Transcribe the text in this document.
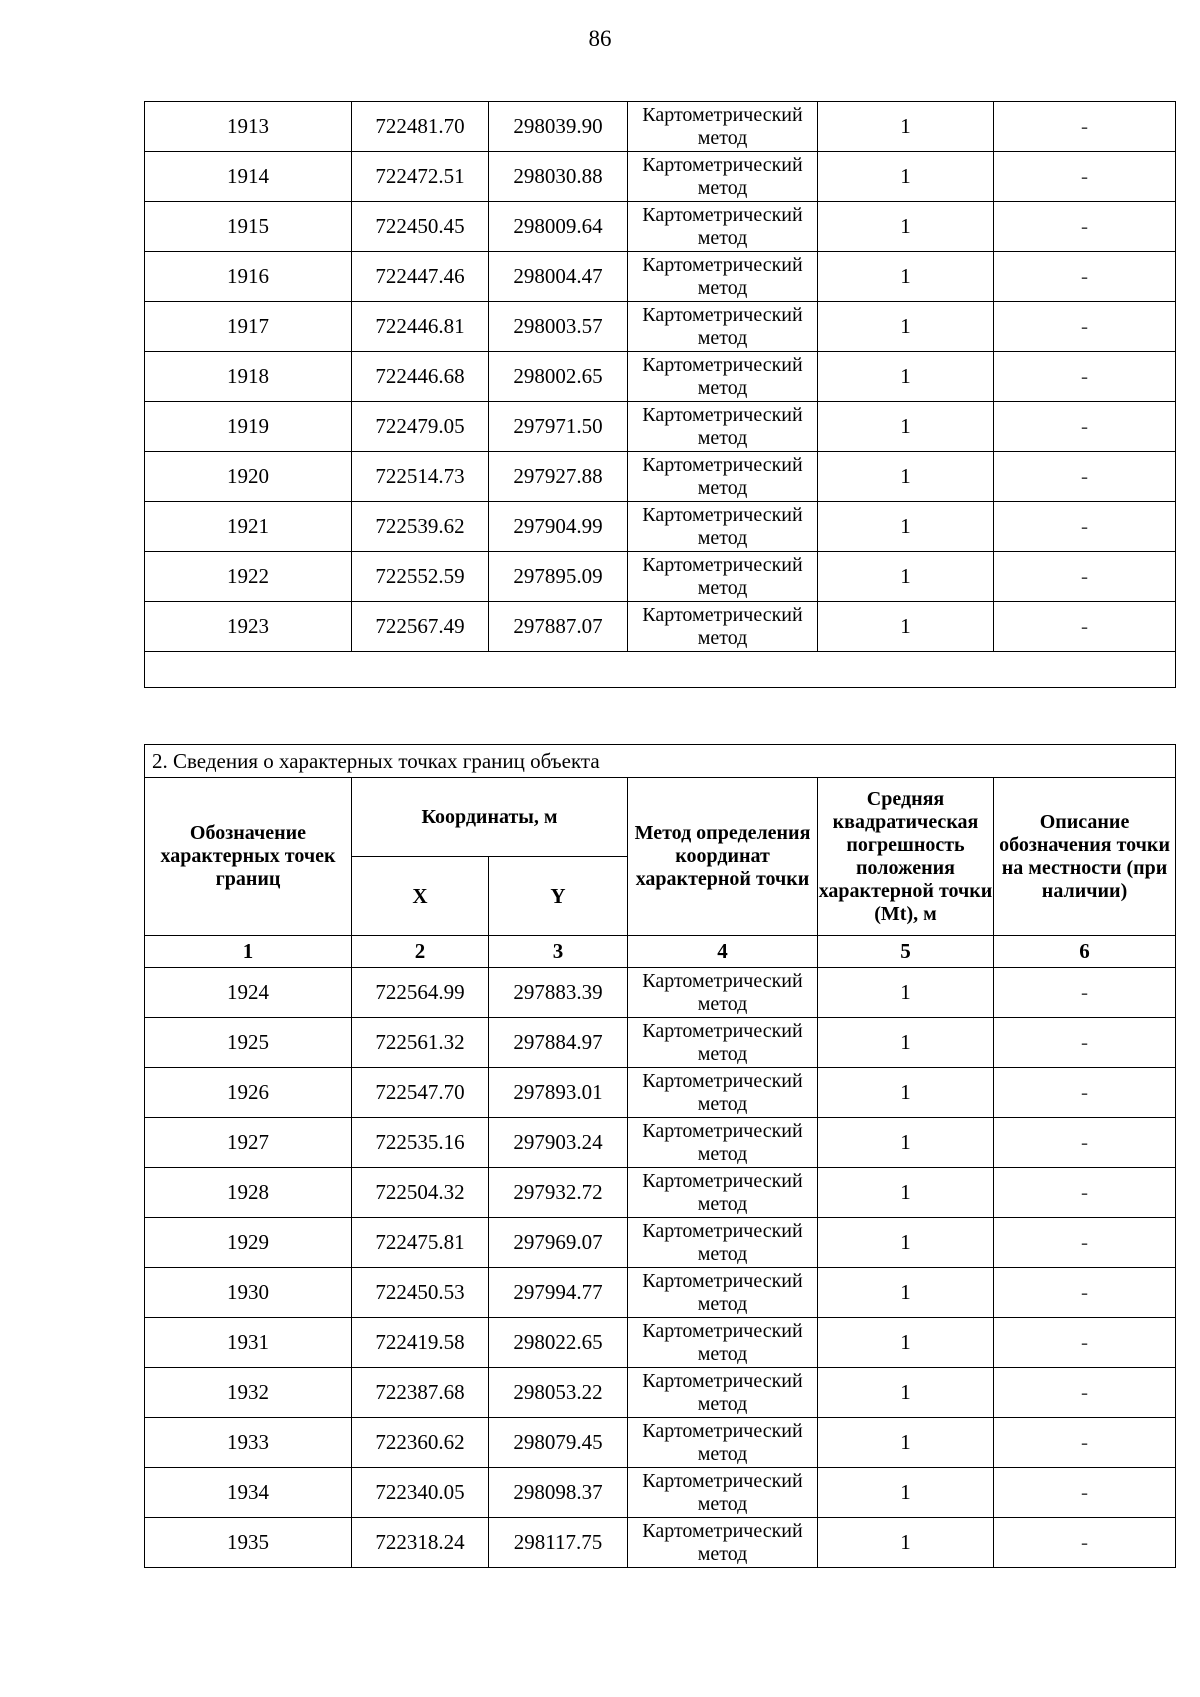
86
1913	722481.70	298039.90	Картометрический метод	1	-
1914	722472.51	298030.88	Картометрический метод	1	-
1915	722450.45	298009.64	Картометрический метод	1	-
1916	722447.46	298004.47	Картометрический метод	1	-
1917	722446.81	298003.57	Картометрический метод	1	-
1918	722446.68	298002.65	Картометрический метод	1	-
1919	722479.05	297971.50	Картометрический метод	1	-
1920	722514.73	297927.88	Картометрический метод	1	-
1921	722539.62	297904.99	Картометрический метод	1	-
1922	722552.59	297895.09	Картометрический метод	1	-
1923	722567.49	297887.07	Картометрический метод	1	-

2. Сведения о характерных точках границ объекта					
Обозначение характерных точек границ	Координаты, м		Метод определения координат характерной точки	Средняя квадратическая погрешность положения характерной точки (Mt), м	Описание обозначения точки на местности (при наличии)
	X	Y			
1	2	3	4	5	6
1924	722564.99	297883.39	Картометрический метод	1	-
1925	722561.32	297884.97	Картометрический метод	1	-
1926	722547.70	297893.01	Картометрический метод	1	-
1927	722535.16	297903.24	Картометрический метод	1	-
1928	722504.32	297932.72	Картометрический метод	1	-
1929	722475.81	297969.07	Картометрический метод	1	-
1930	722450.53	297994.77	Картометрический метод	1	-
1931	722419.58	298022.65	Картометрический метод	1	-
1932	722387.68	298053.22	Картометрический метод	1	-
1933	722360.62	298079.45	Картометрический метод	1	-
1934	722340.05	298098.37	Картометрический метод	1	-
1935	722318.24	298117.75	Картометрический метод	1	-
